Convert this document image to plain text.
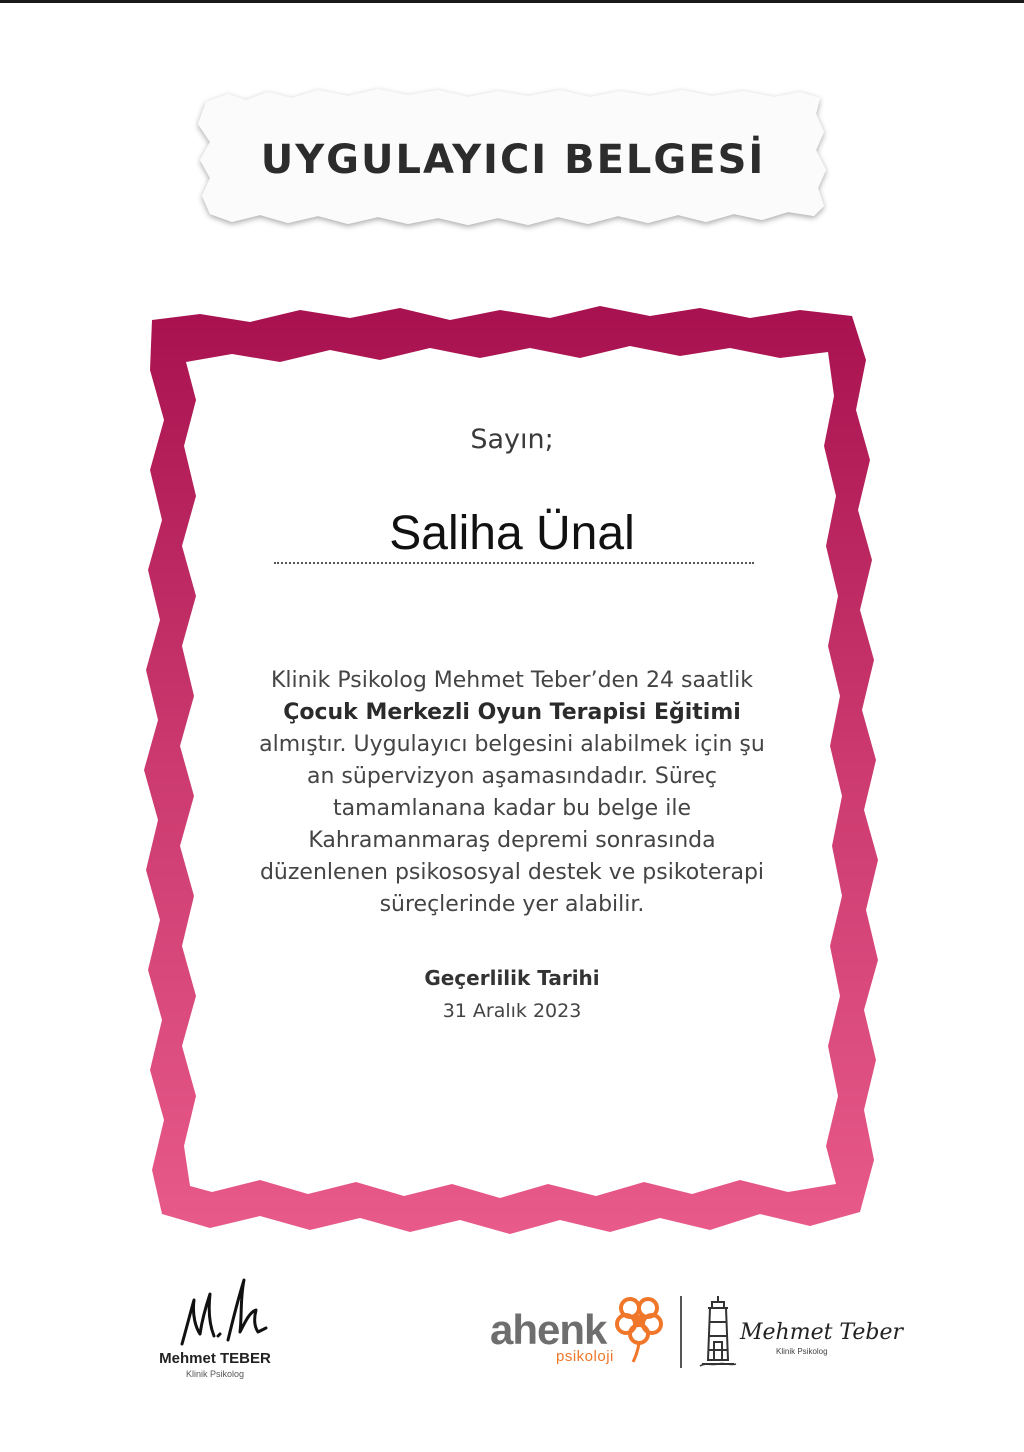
UYGULAYICI BELGESİ
Sayın;
Saliha Ünal
Klinik Psikolog Mehmet Teber’den 24 saatlik
Çocuk Merkezli Oyun Terapisi Eğitimi
almıştır. Uygulayıcı belgesini alabilmek için şu
an süpervizyon aşamasındadır. Süreç
tamamlanana kadar bu belge ile
Kahramanmaraş depremi sonrasında
düzenlenen psikososyal destek ve psikoterapi
süreçlerinde yer alabilir.
Geçerlilik Tarihi
31 Aralık 2023
Mehmet TEBER
Klinik Psikolog
ahenk
psikoloji
Mehmet Teber
Klinik Psikolog
